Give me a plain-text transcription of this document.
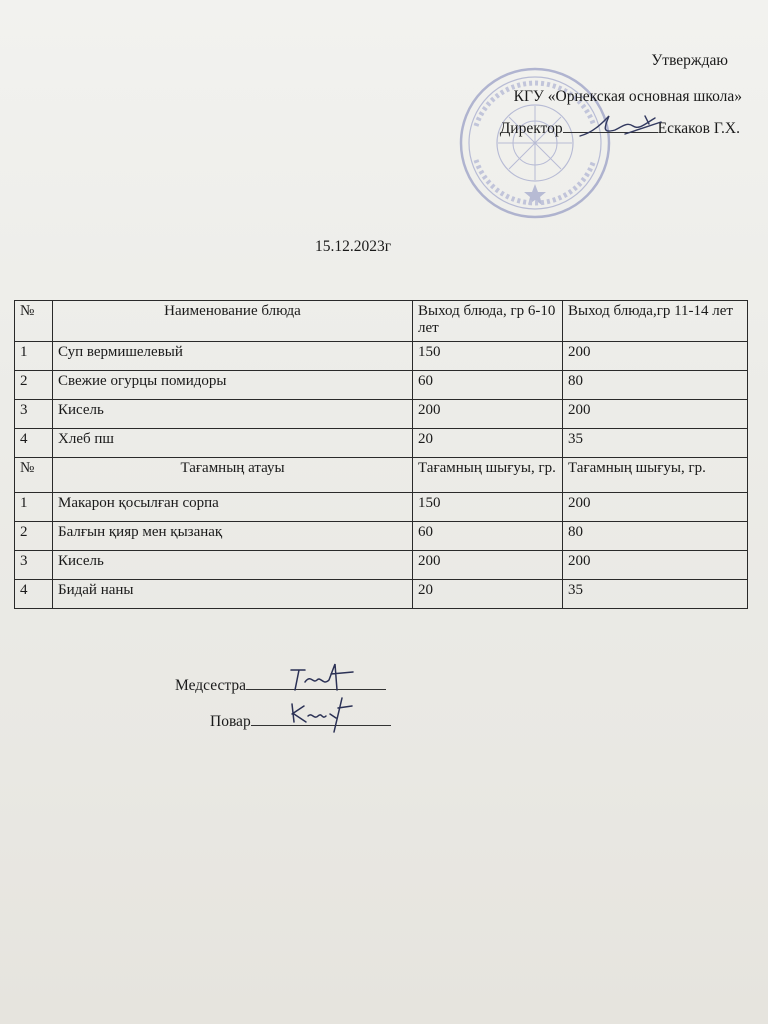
Утверждаю
КГУ «Орнекская основная школа»
Директор	Ескаков Г.Х.
15.12.2023г
№	Наименование блюда	Выход блюда, гр 6-10 лет	Выход блюда,гр 11-14 лет
1	Суп вермишелевый	150	200
2	Свежие огурцы помидоры	60	80
3	Кисель	200	200
4	Хлеб пш	20	35
№	Тағамның атауы	Тағамның шығуы, гр.	Тағамның шығуы, гр.
1	Макарон қосылған сорпа	150	200
2	Балғын қияр мен қызанақ	60	80
3	Кисель	200	200
4	Бидай наны	20	35
Медсестра
Повар
